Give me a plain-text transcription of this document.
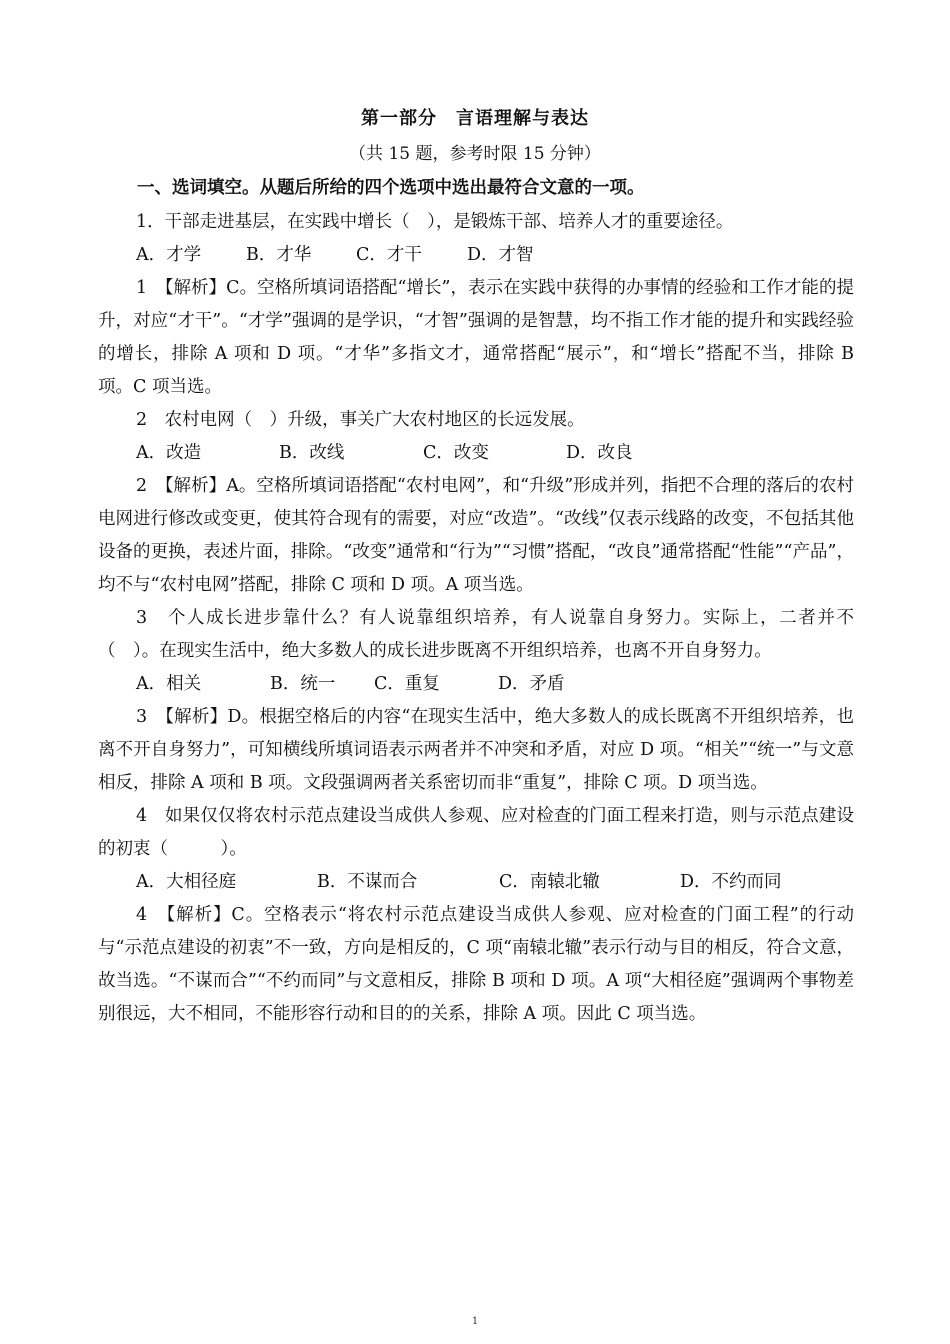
第一部分　言语理解与表达
（共 15 题，参考时限 15 分钟）
一、选词填空。从题后所给的四个选项中选出最符合文意的一项。

1．干部走进基层，在实践中增长（　），是锻炼干部、培养人才的重要途径。

A．才学	B．才华	C．才干	D．才智

1　【解析】C。空格所填词语搭配“增长”，表示在实践中获得的办事情的经验和工作才能的提升，对应“才干”。“才学”强调的是学识，“才智”强调的是智慧，均不指工作才能的提升和实践经验的增长，排除 A 项和 D 项。“才华”多指文才，通常搭配“展示”，和“增长”搭配不当，排除 B 项。C 项当选。

2　农村电网（　）升级，事关广大农村地区的长远发展。

A．改造	B．改线	C．改变	D．改良

2　【解析】A。空格所填词语搭配“农村电网”，和“升级”形成并列，指把不合理的落后的农村电网进行修改或变更，使其符合现有的需要，对应“改造”。“改线”仅表示线路的改变，不包括其他设备的更换，表述片面，排除。“改变”通常和“行为”“习惯”搭配，“改良”通常搭配“性能”“产品”，均不与“农村电网”搭配，排除 C 项和 D 项。A 项当选。

3　个人成长进步靠什么？有人说靠组织培养，有人说靠自身努力。实际上，二者并不（　）。在现实生活中，绝大多数人的成长进步既离不开组织培养，也离不开自身努力。

A．相关	B．统一	C．重复	D．矛盾

3　【解析】D。根据空格后的内容“在现实生活中，绝大多数人的成长既离不开组织培养，也离不开自身努力”，可知横线所填词语表示两者并不冲突和矛盾，对应 D 项。“相关”“统一”与文意相反，排除 A 项和 B 项。文段强调两者关系密切而非“重复”，排除 C 项。D 项当选。

4　如果仅仅将农村示范点建设当成供人参观、应对检查的门面工程来打造，则与示范点建设的初衷（　　　）。

A．大相径庭	B．不谋而合	C．南辕北辙	D．不约而同

4　【解析】C。空格表示“将农村示范点建设当成供人参观、应对检查的门面工程”的行动与“示范点建设的初衷”不一致，方向是相反的，C 项“南辕北辙”表示行动与目的相反，符合文意，故当选。“不谋而合”“不约而同”与文意相反，排除 B 项和 D 项。A 项“大相径庭”强调两个事物差别很远，大不相同，不能形容行动和目的的关系，排除 A 项。因此 C 项当选。

1
